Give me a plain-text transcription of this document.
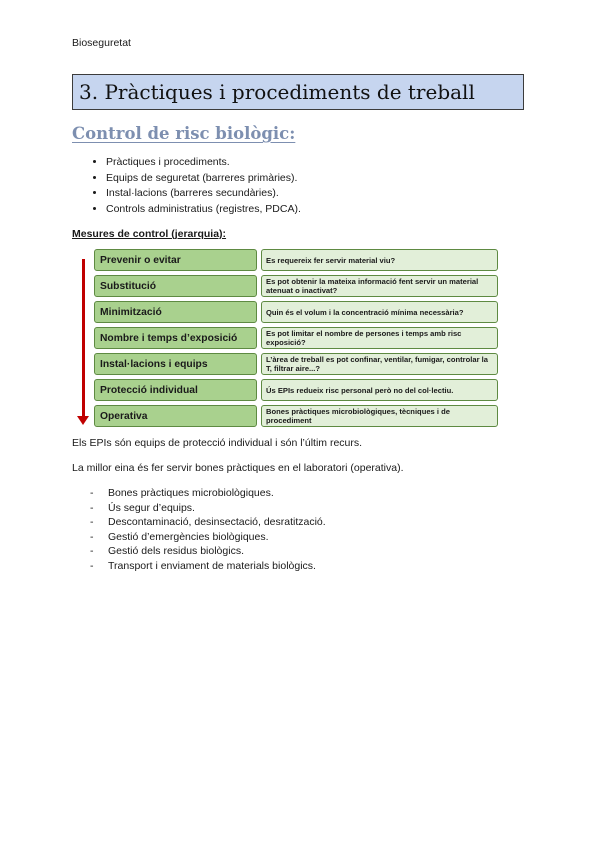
Bioseguretat
3. Pràctiques i procediments de treball
Control de risc biològic:
• Pràctiques i procediments.
• Equips de seguretat (barreres primàries).
• Instal·lacions (barreres secundàries).
• Controls administratius (registres, PDCA).
Mesures de control (jerarquia):
Prevenir o evitar	Es requereix fer servir material viu?
Substitució	Es pot obtenir la mateixa informació fent servir un material atenuat o inactivat?
Minimització	Quin és el volum i la concentració mínima necessària?
Nombre i temps d’exposició	Es pot limitar el nombre de persones i temps amb risc exposició?
Instal·lacions i equips	L’àrea de treball es pot confinar, ventilar, fumigar, controlar la T, filtrar aire...?
Protecció individual	Ús EPIs redueix risc personal però no del col·lectiu.
Operativa	Bones pràctiques microbiològiques, tècniques i de procediment
Els EPIs són equips de protecció individual i són l’últim recurs.
La millor eina és fer servir bones pràctiques en el laboratori (operativa).
- Bones pràctiques microbiològiques.
- Ús segur d’equips.
- Descontaminació, desinsectació, desratització.
- Gestió d’emergències biològiques.
- Gestió dels residus biològics.
- Transport i enviament de materials biològics.
